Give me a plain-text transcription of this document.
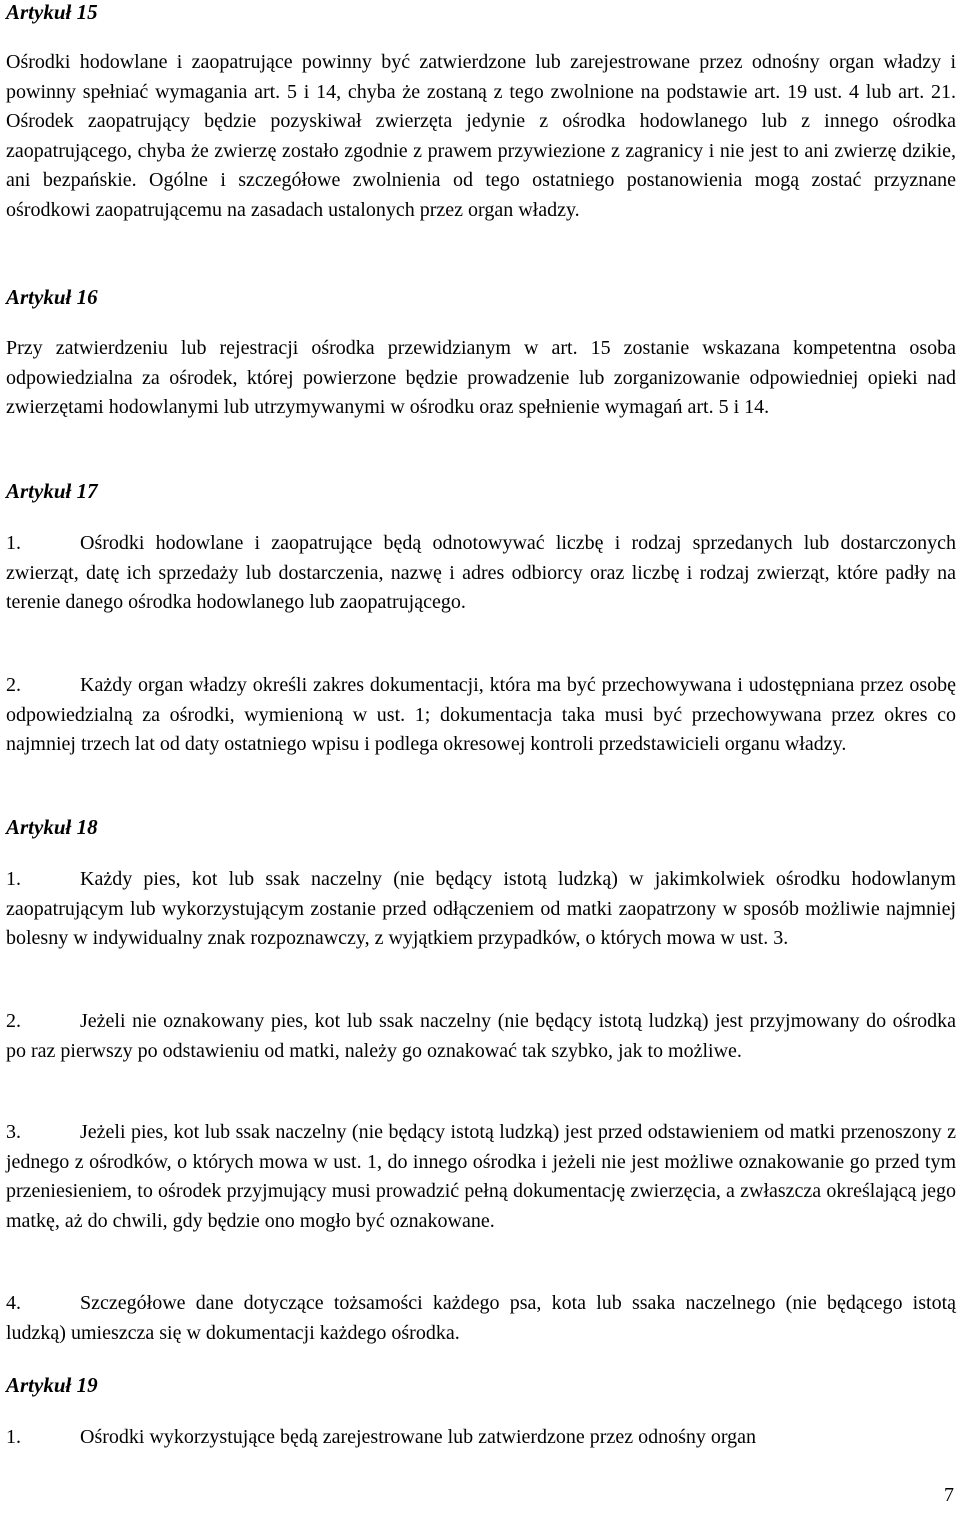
Artykuł 15

Ośrodki hodowlane i zaopatrujące powinny być zatwierdzone lub zarejestrowane przez odnośny organ władzy i powinny spełniać wymagania art. 5 i 14, chyba że zostaną z tego zwolnione na podstawie art. 19 ust. 4 lub art. 21. Ośrodek zaopatrujący będzie pozyskiwał zwierzęta jedynie z ośrodka hodowlanego lub z innego ośrodka zaopatrującego, chyba że zwierzę zostało zgodnie z prawem przywiezione z zagranicy i nie jest to ani zwierzę dzikie, ani bezpańskie. Ogólne i szczegółowe zwolnienia od tego ostatniego postanowienia mogą zostać przyznane ośrodkowi zaopatrującemu na zasadach ustalonych przez organ władzy.

Artykuł 16

Przy zatwierdzeniu lub rejestracji ośrodka przewidzianym w art. 15 zostanie wskazana kompetentna osoba odpowiedzialna za ośrodek, której powierzone będzie prowadzenie lub zorganizowanie odpowiedniej opieki nad zwierzętami hodowlanymi lub utrzymywanymi w ośrodku oraz spełnienie wymagań art. 5 i 14.

Artykuł 17

1.	Ośrodki hodowlane i zaopatrujące będą odnotowywać liczbę i rodzaj sprzedanych lub dostarczonych zwierząt, datę ich sprzedaży lub dostarczenia, nazwę i adres odbiorcy oraz liczbę i rodzaj zwierząt, które padły na terenie danego ośrodka hodowlanego lub zaopatrującego.

2.	Każdy organ władzy określi zakres dokumentacji, która ma być przechowywana i udostępniana przez osobę odpowiedzialną za ośrodki, wymienioną w ust. 1; dokumentacja taka musi być przechowywana przez okres co najmniej trzech lat od daty ostatniego wpisu i podlega okresowej kontroli przedstawicieli organu władzy.

Artykuł 18

1.	Każdy pies, kot lub ssak naczelny (nie będący istotą ludzką) w jakimkolwiek ośrodku hodowlanym zaopatrującym lub wykorzystującym zostanie przed odłączeniem od matki zaopatrzony w sposób możliwie najmniej bolesny w indywidualny znak rozpoznawczy, z wyjątkiem przypadków, o których mowa w ust. 3.

2.	Jeżeli nie oznakowany pies, kot lub ssak naczelny (nie będący istotą ludzką) jest przyjmowany do ośrodka po raz pierwszy po odstawieniu od matki, należy go oznakować tak szybko, jak to możliwe.

3.	Jeżeli pies, kot lub ssak naczelny (nie będący istotą ludzką) jest przed odstawieniem od matki przenoszony z jednego z ośrodków, o których mowa w ust. 1, do innego ośrodka i jeżeli nie jest możliwe oznakowanie go przed tym przeniesieniem, to ośrodek przyjmujący musi prowadzić pełną dokumentację zwierzęcia, a zwłaszcza określającą jego matkę, aż do chwili, gdy będzie ono mogło być oznakowane.

4.	Szczegółowe dane dotyczące tożsamości każdego psa, kota lub ssaka naczelnego (nie będącego istotą ludzką) umieszcza się w dokumentacji każdego ośrodka.

Artykuł 19

1.	Ośrodki wykorzystujące będą zarejestrowane lub zatwierdzone przez odnośny organ

7
